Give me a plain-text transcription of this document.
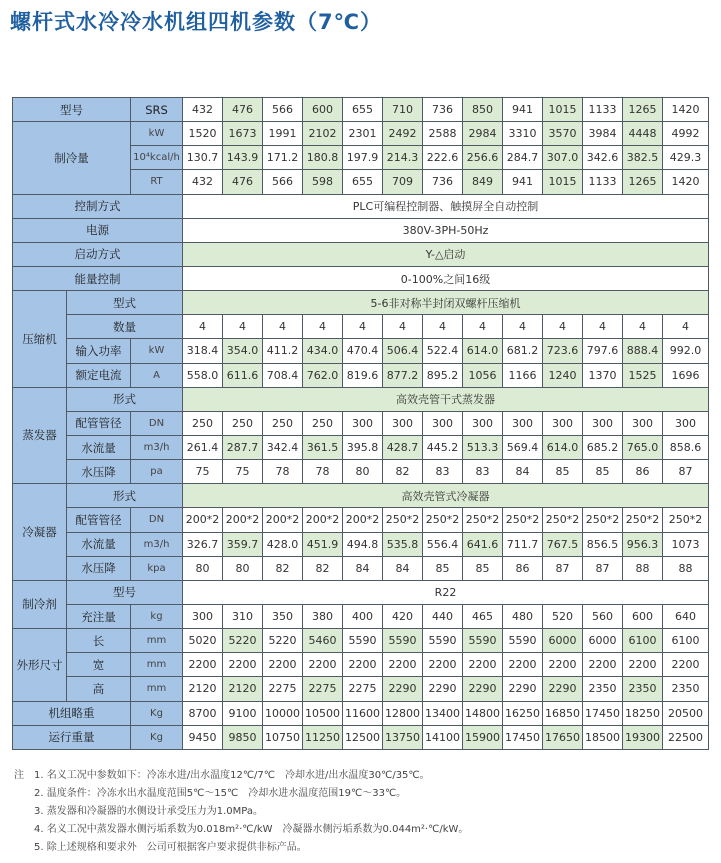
螺杆式水冷冷水机组四机参数（7℃）
型号		SRS	432	476	566	600	655	710	736	850	941	1015	1133	1265	1420
制冷量		kW	1520	1673	1991	2102	2301	2492	2588	2984	3310	3570	3984	4448	4992
		10⁴kcal/h	130.7	143.9	171.2	180.8	197.9	214.3	222.6	256.6	284.7	307.0	342.6	382.5	429.3
		RT	432	476	566	598	655	709	736	849	941	1015	1133	1265	1420
控制方式			PLC可编程控制器、触摸屏全自动控制												
电源			380V-3PH-50Hz												
启动方式			Y-△启动												
能量控制			0-100%之间16级												
压缩机	型式		5-6非对称半封闭双螺杆压缩机												
	数量		4	4	4	4	4	4	4	4	4	4	4	4	4
	输入功率	kW	318.4	354.0	411.2	434.0	470.4	506.4	522.4	614.0	681.2	723.6	797.6	888.4	992.0
	额定电流	A	558.0	611.6	708.4	762.0	819.6	877.2	895.2	1056	1166	1240	1370	1525	1696
蒸发器	形式		高效壳管干式蒸发器												
	配管管径	DN	250	250	250	250	300	300	300	300	300	300	300	300	300
	水流量	m3/h	261.4	287.7	342.4	361.5	395.8	428.7	445.2	513.3	569.4	614.0	685.2	765.0	858.6
	水压降	pa	75	75	78	78	80	82	83	83	84	85	85	86	87
冷凝器	形式		高效壳管式冷凝器												
	配管管径	DN	200*2	200*2	200*2	200*2	200*2	250*2	250*2	250*2	250*2	250*2	250*2	250*2	250*2
	水流量	m3/h	326.7	359.7	428.0	451.9	494.8	535.8	556.4	641.6	711.7	767.5	856.5	956.3	1073
	水压降	kpa	80	80	82	82	84	84	85	85	86	87	87	88	88
制冷剂	型号		R22												
	充注量	kg	300	310	350	380	400	420	440	465	480	520	560	600	640
外形尺寸	长	mm	5020	5220	5220	5460	5590	5590	5590	5590	5590	6000	6000	6100	6100
	宽	mm	2200	2200	2200	2200	2200	2200	2200	2200	2200	2200	2200	2200	2200
	高	mm	2120	2120	2275	2275	2275	2290	2290	2290	2290	2290	2350	2350	2350
机组略重		Kg	8700	9100	10000	10500	11600	12800	13400	14800	16250	16850	17450	18250	20500
运行重量		Kg	9450	9850	10750	11250	12500	13750	14100	15900	17450	17650	18500	19300	22500
注 1. 名义工况中参数如下：冷冻水进/出水温度12℃/7℃　冷却水进/出水温度30℃/35℃。
2. 温度条件：冷冻水出水温度范围5℃～15℃　冷却水进水温度范围19℃～33℃。
3. 蒸发器和冷凝器的水侧设计承受压力为1.0MPa。
4. 名义工况中蒸发器水侧污垢系数为0.018m²·℃/kW　冷凝器水侧污垢系数为0.044m²·℃/kW。
5. 除上述规格和要求外　公司可根据客户要求提供非标产品。
